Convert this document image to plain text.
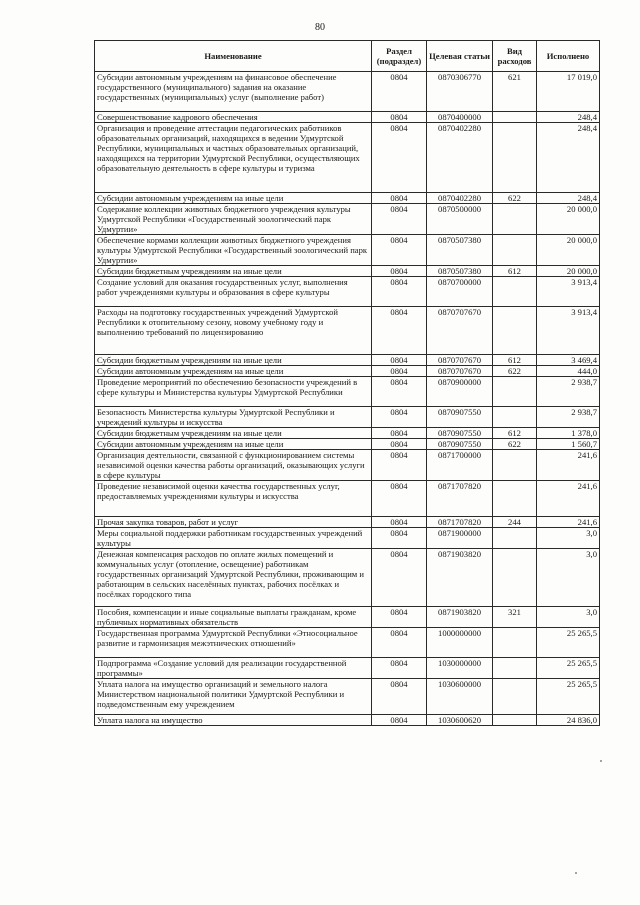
80
Наименование	Раздел (подраздел)	Целевая статьи	Вид расходов	Исполнено
Субсидии автономным учреждениям на финансовое обеспечение государственного (муниципального) задания на оказание государственных (муниципальных) услуг (выполнение работ)	0804	0870306770	621	17 019,0
Совершенствование кадрового обеспечения	0804	0870400000		248,4
Организация и проведение аттестации педагогических работников образовательных организаций, находящихся в ведении Удмуртской Республики, муниципальных и частных образовательных организаций, находящихся на территории Удмуртской Республики, осуществляющих образовательную деятельность в сфере культуры и туризма	0804	0870402280		248,4
Субсидии автономным учреждениям на иные цели	0804	0870402280	622	248,4
Содержание коллекции животных бюджетного учреждения культуры Удмуртской Республики «Государственный зоологический парк Удмуртии»	0804	0870500000		20 000,0
Обеспечение кормами коллекции животных бюджетного учреждения культуры Удмуртской Республики «Государственный зоологический парк Удмуртии»	0804	0870507380		20 000,0
Субсидии бюджетным учреждениям на иные цели	0804	0870507380	612	20 000,0
Создание условий для оказания государственных услуг, выполнения работ учреждениями культуры и образования в сфере культуры	0804	0870700000		3 913,4
Расходы на подготовку государственных учреждений Удмуртской Республики к отопительному сезону, новому учебному году и выполнению требований по лицензированию	0804	0870707670		3 913,4
Субсидии бюджетным учреждениям на иные цели	0804	0870707670	612	3 469,4
Субсидии автономным учреждениям на иные цели	0804	0870707670	622	444,0
Проведение мероприятий по обеспечению безопасности учреждений в сфере культуры и Министерства культуры Удмуртской Республики	0804	0870900000		2 938,7
Безопасность Министерства культуры Удмуртской Республики и учреждений культуры и искусства	0804	0870907550		2 938,7
Субсидии бюджетным учреждениям на иные цели	0804	0870907550	612	1 378,0
Субсидии автономным учреждениям на иные цели	0804	0870907550	622	1 560,7
Организация деятельности, связанной с функционированием системы независимой оценки качества работы организаций, оказывающих услуги в сфере культуры	0804	0871700000		241,6
Проведение независимой оценки качества государственных услуг, предоставляемых учреждениями культуры и искусства	0804	0871707820		241,6
Прочая закупка товаров, работ и услуг	0804	0871707820	244	241,6
Меры социальной поддержки работникам государственных учреждений культуры	0804	0871900000		3,0
Денежная компенсация расходов по оплате жилых помещений и коммунальных услуг (отопление, освещение) работникам государственных организаций Удмуртской Республики, проживающим и работающим в сельских населённых пунктах, рабочих посёлках и посёлках городского типа	0804	0871903820		3,0
Пособия, компенсации и иные социальные выплаты гражданам, кроме публичных нормативных обязательств	0804	0871903820	321	3,0
Государственная программа Удмуртской Республики «Этносоциальное развитие и гармонизация межэтнических отношений»	0804	1000000000		25 265,5
Подпрограмма «Создание условий для реализации государственной программы»	0804	1030000000		25 265,5
Уплата налога на имущество организаций и земельного налога Министерством национальной политики Удмуртской Республики и подведомственным ему учреждением	0804	1030600000		25 265,5
Уплата налога на имущество	0804	1030600620		24 836,0
